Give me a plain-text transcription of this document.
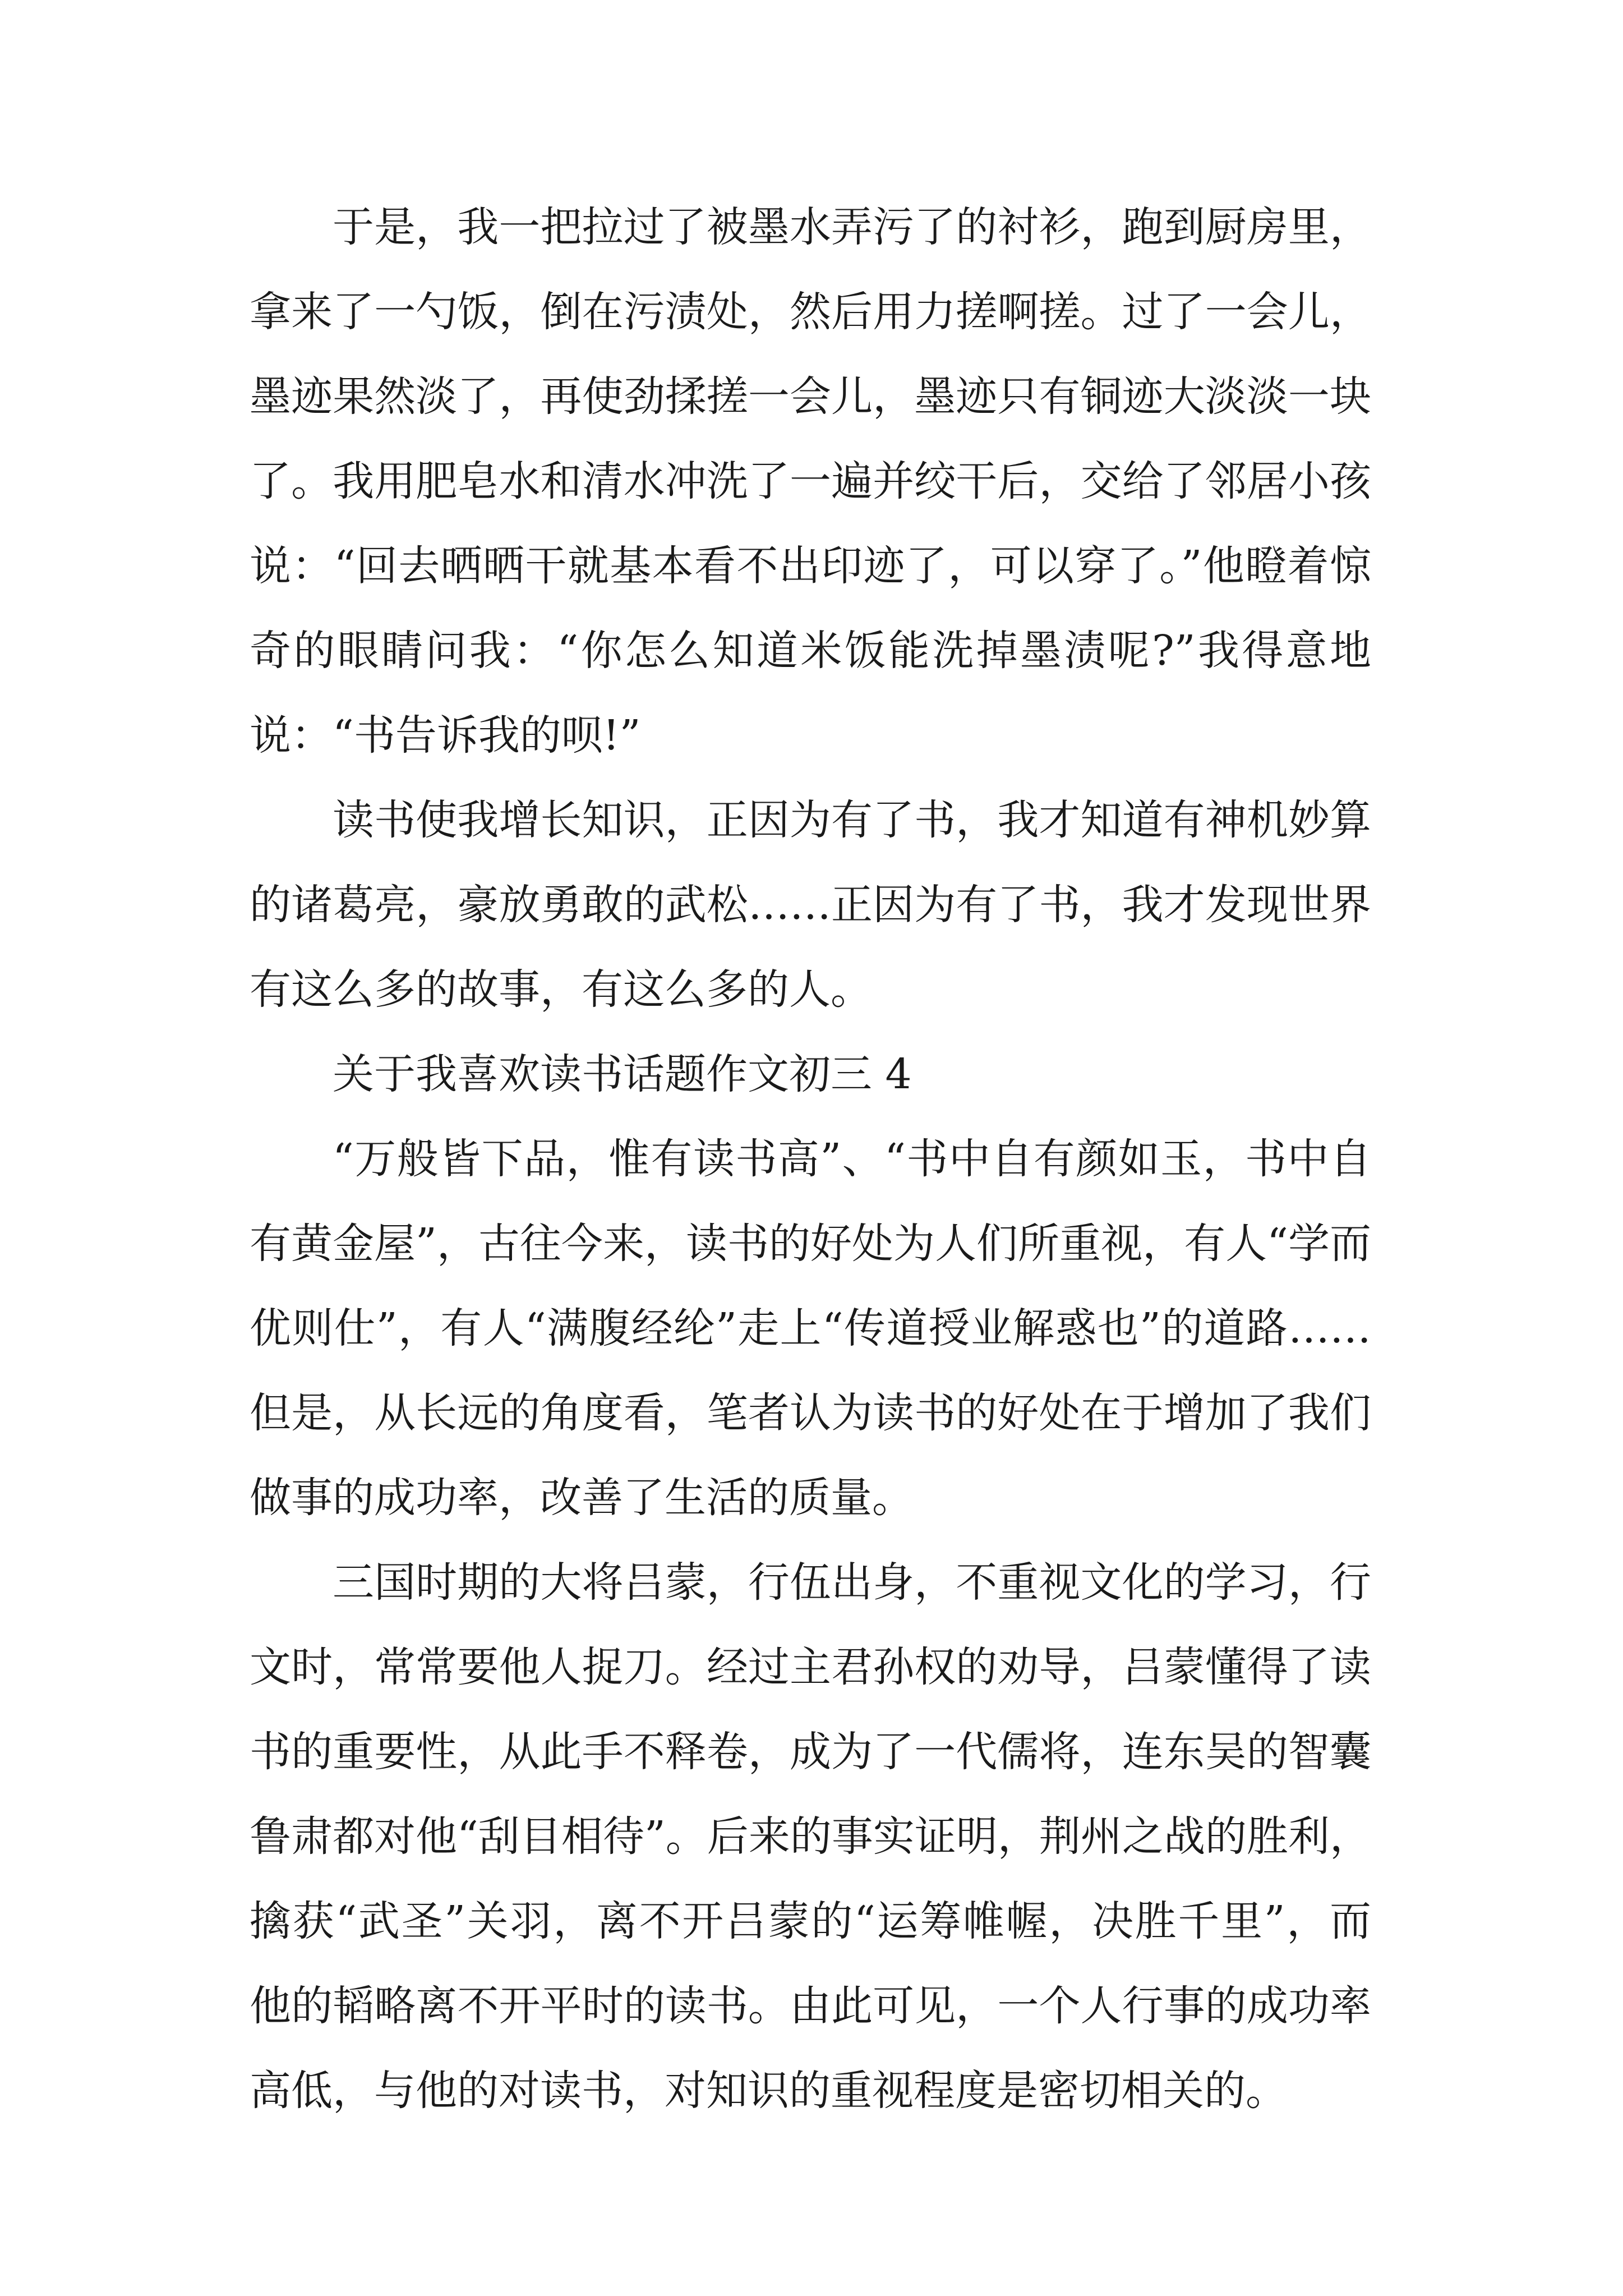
于是，我一把拉过了被墨水弄污了的衬衫，跑到厨房里，拿来了一勺饭，倒在污渍处，然后用力搓啊搓。过了一会儿，墨迹果然淡了，再使劲揉搓一会儿，墨迹只有铜迹大淡淡一块了。我用肥皂水和清水冲洗了一遍并绞干后，交给了邻居小孩说：“回去晒晒干就基本看不出印迹了，可以穿了。”他瞪着惊奇的眼睛问我：“你怎么知道米饭能洗掉墨渍呢?”我得意地说：“书告诉我的呗!”

读书使我增长知识，正因为有了书，我才知道有神机妙算的诸葛亮，豪放勇敢的武松……正因为有了书，我才发现世界有这么多的故事，有这么多的人。

关于我喜欢读书话题作文初三 4

“万般皆下品，惟有读书高”、“书中自有颜如玉，书中自有黄金屋”，古往今来，读书的好处为人们所重视，有人“学而优则仕”，有人“满腹经纶”走上“传道授业解惑也”的道路……但是，从长远的角度看，笔者认为读书的好处在于增加了我们做事的成功率，改善了生活的质量。

三国时期的大将吕蒙，行伍出身，不重视文化的学习，行文时，常常要他人捉刀。经过主君孙权的劝导，吕蒙懂得了读书的重要性，从此手不释卷，成为了一代儒将，连东吴的智囊鲁肃都对他“刮目相待”。后来的事实证明，荆州之战的胜利，擒获“武圣”关羽，离不开吕蒙的“运筹帷幄，决胜千里”，而他的韬略离不开平时的读书。由此可见，一个人行事的成功率高低，与他的对读书，对知识的重视程度是密切相关的。
